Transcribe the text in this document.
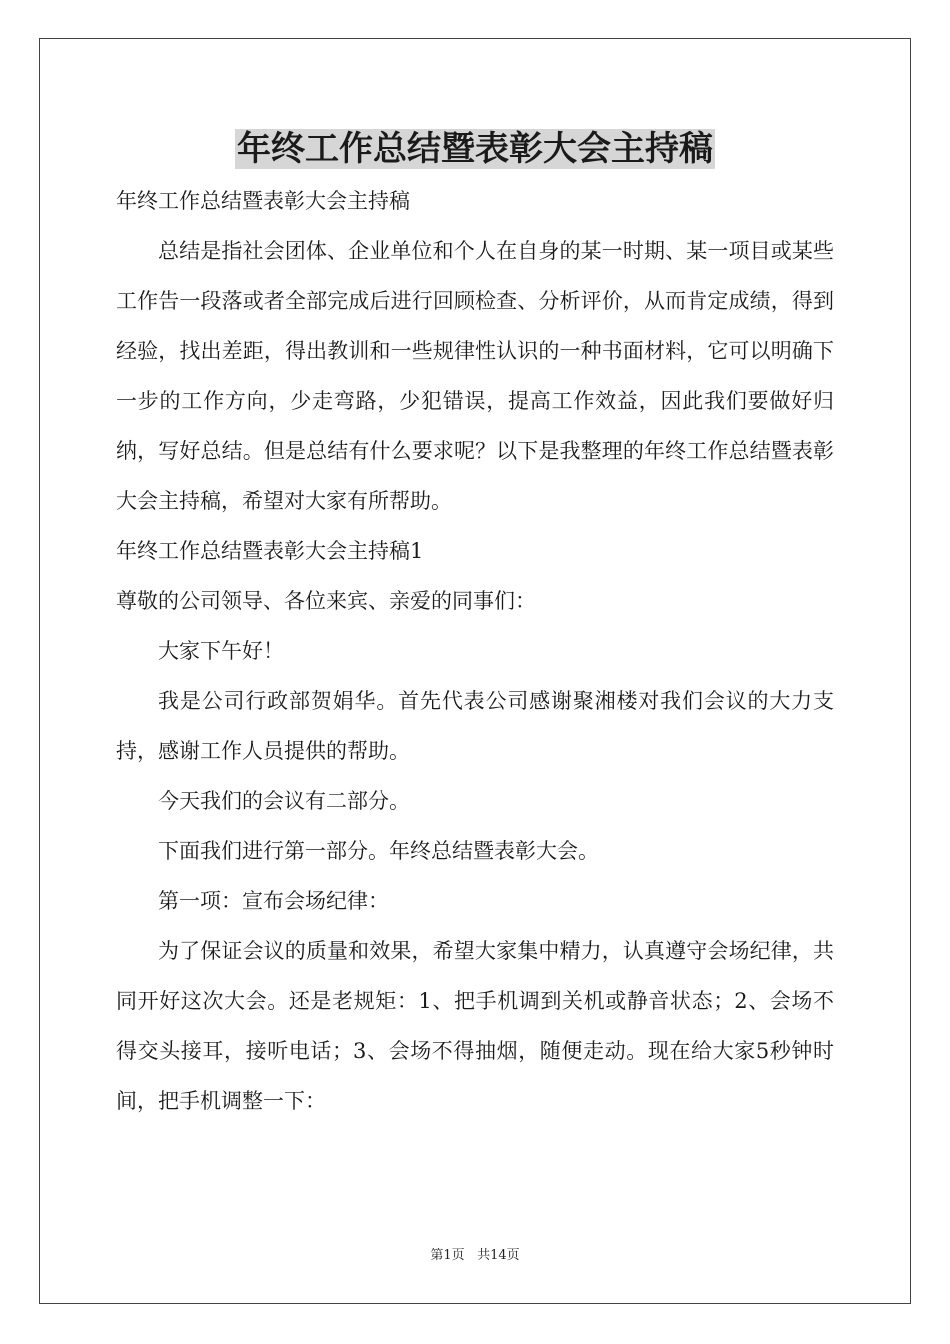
年终工作总结暨表彰大会主持稿

年终工作总结暨表彰大会主持稿

总结是指社会团体、企业单位和个人在自身的某一时期、某一项目或某些工作告一段落或者全部完成后进行回顾检查、分析评价，从而肯定成绩，得到经验，找出差距，得出教训和一些规律性认识的一种书面材料，它可以明确下一步的工作方向，少走弯路，少犯错误，提高工作效益，因此我们要做好归纳，写好总结。但是总结有什么要求呢？以下是我整理的年终工作总结暨表彰大会主持稿，希望对大家有所帮助。

年终工作总结暨表彰大会主持稿1

尊敬的公司领导、各位来宾、亲爱的同事们：

大家下午好！

我是公司行政部贺娟华。首先代表公司感谢聚湘楼对我们会议的大力支持，感谢工作人员提供的帮助。

今天我们的会议有二部分。

下面我们进行第一部分。年终总结暨表彰大会。

第一项：宣布会场纪律：

为了保证会议的质量和效果，希望大家集中精力，认真遵守会场纪律，共同开好这次大会。还是老规矩：1、把手机调到关机或静音状态；2、会场不得交头接耳，接听电话；3、会场不得抽烟，随便走动。现在给大家5秒钟时间，把手机调整一下：

第1页 共14页
